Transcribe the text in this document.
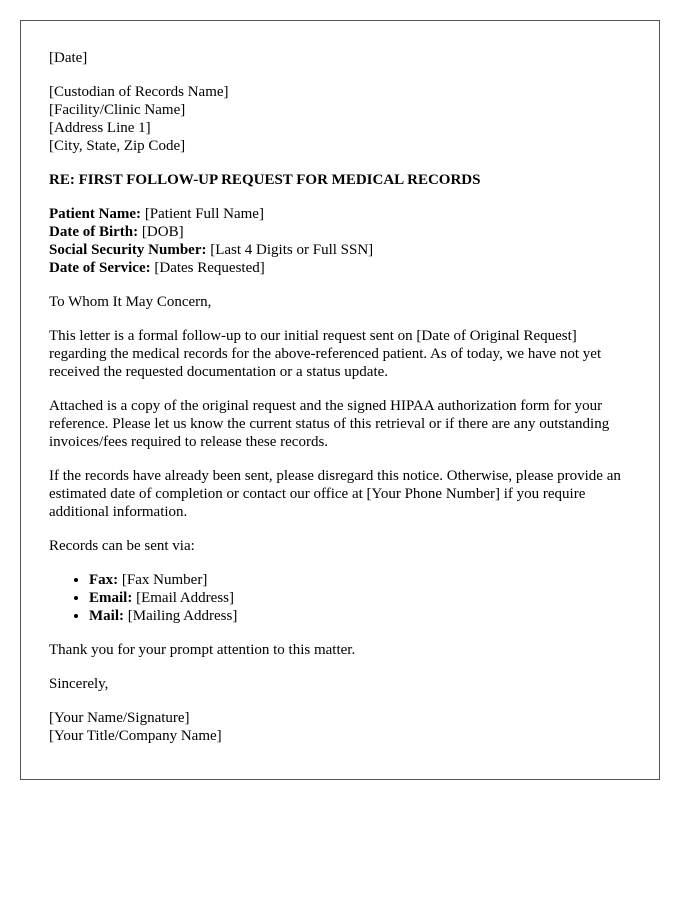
[Date]

[Custodian of Records Name]
[Facility/Clinic Name]
[Address Line 1]
[City, State, Zip Code]

RE: FIRST FOLLOW-UP REQUEST FOR MEDICAL RECORDS

Patient Name: [Patient Full Name]
Date of Birth: [DOB]
Social Security Number: [Last 4 Digits or Full SSN]
Date of Service: [Dates Requested]

To Whom It May Concern,

This letter is a formal follow-up to our initial request sent on [Date of Original Request] regarding the medical records for the above-referenced patient. As of today, we have not yet received the requested documentation or a status update.

Attached is a copy of the original request and the signed HIPAA authorization form for your reference. Please let us know the current status of this retrieval or if there are any outstanding invoices/fees required to release these records.

If the records have already been sent, please disregard this notice. Otherwise, please provide an estimated date of completion or contact our office at [Your Phone Number] if you require additional information.

Records can be sent via:

• Fax: [Fax Number]
• Email: [Email Address]
• Mail: [Mailing Address]

Thank you for your prompt attention to this matter.

Sincerely,

[Your Name/Signature]
[Your Title/Company Name]
